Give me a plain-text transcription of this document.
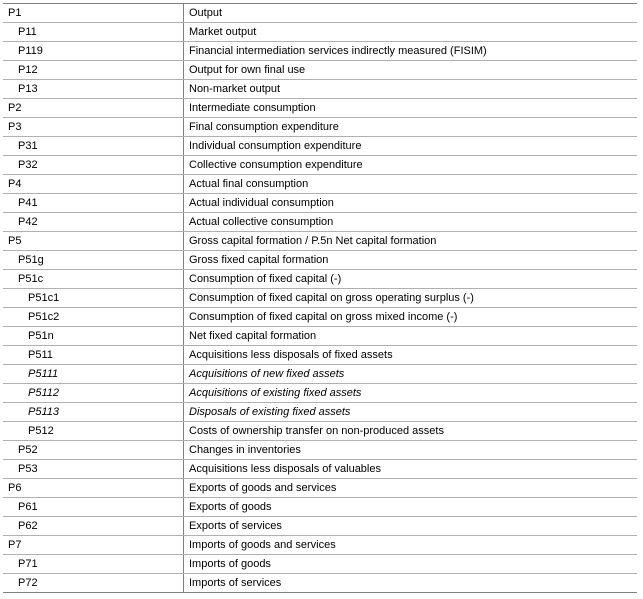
P1	Output
P11	Market output
P119	Financial intermediation services indirectly measured (FISIM)
P12	Output for own final use
P13	Non-market output
P2	Intermediate consumption
P3	Final consumption expenditure
P31	Individual consumption expenditure
P32	Collective consumption expenditure
P4	Actual final consumption
P41	Actual individual consumption
P42	Actual collective consumption
P5	Gross capital formation / P.5n Net capital formation
P51g	Gross fixed capital formation
P51c	Consumption of fixed capital (-)
P51c1	Consumption of fixed capital on gross operating surplus (-)
P51c2	Consumption of fixed capital on gross mixed income (-)
P51n	Net fixed capital formation
P511	Acquisitions less disposals of fixed assets
P5111	Acquisitions of new fixed assets
P5112	Acquisitions of existing fixed assets
P5113	Disposals of existing fixed assets
P512	Costs of ownership transfer on non-produced assets
P52	Changes in inventories
P53	Acquisitions less disposals of valuables
P6	Exports of goods and services
P61	Exports of goods
P62	Exports of services
P7	Imports of goods and services
P71	Imports of goods
P72	Imports of services
